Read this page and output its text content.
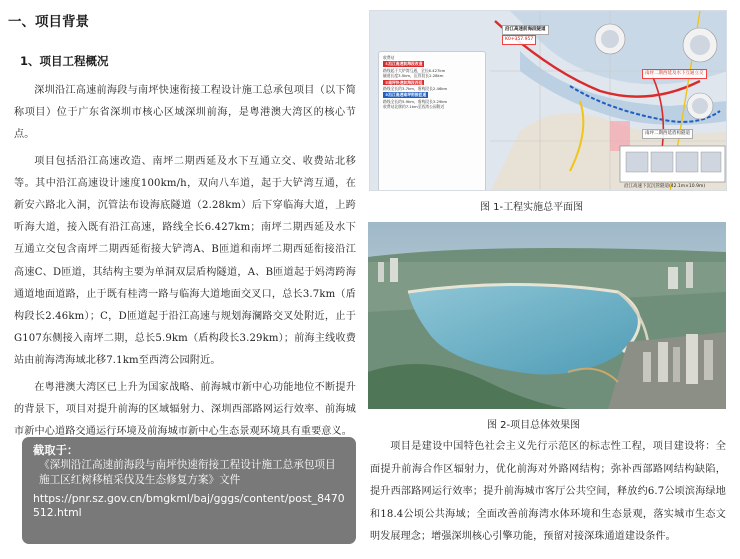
一、项目背景
1、项目工程概况

深圳沿江高速前海段与南坪快速衔接工程设计施工总承包项目（以下简称项目）位于广东省深圳市核心区域深圳前海，是粤港澳大湾区的核心节点。

项目包括沿江高速改造、南坪二期西延及水下互通立交、收费站北移等。其中沿江高速设计速度100km/h，双向八车道，起于大铲湾互通，在新安六路北入洞，沉管法布设海底隧道（2.28km）后下穿临海大道，上跨听海大道，接入既有沿江高速，路线全长6.427km；南坪二期西延及水下互通立交包含南坪二期西延衔接大铲湾A、B匝道和南坪二期西延衔接沿江高速C、D匝道，其结构主要为单洞双层盾构隧道，A、B匝道起于妈湾跨海通道地面道路，止于既有桂湾一路与临海大道地面交叉口，总长3.7km（盾构段长2.46km）；C，D匝道起于沿江高速与规划海澜路交叉处附近，止于G107东侧接入南坪二期，总长5.9km（盾构段长3.29km）；前海主线收费站由前海湾海域北移7.1km至西湾公园附近。

在粤港澳大湾区已上升为国家战略、前海城市新中心功能地位不断提升的背景下，项目对提升前海的区域辐射力、深圳西部路网运行效率、前海城市新中心道路交通运行环境及前海城市新中心生态景观环境具有重要意义。

收费站
①沿江高速前海段改造
路线起于大铲湾互通，全长6.427km
隧道长度3.5km，沉管段长2.28km
②南坪快速前海段西延
路线全长约3.7km，盾构段长2.46km
③沿江高速南坪衔接匝道
路线全长约5.9km，盾构段长3.29km
收费站北移约7.1km至西湾公园附近
沿江高速前海段隧道
K0+357.957
南坪二期西延及水下互通立交
南坪二期西延盾构隧道
沿江高速下沉沉管隧道(42.1m×10.9m)
图 1-工程实施总平面图
图 2-项目总体效果图

项目是建设中国特色社会主义先行示范区的标志性工程，项目建设将：全面提升前海合作区辐射力，优化前海对外路网结构；弥补西部路网结构缺陷，提升西部路网运行效率；提升前海城市客厅公共空间，释放约6.7公顷滨海绿地和18.4公顷公共海域；全面改善前海湾水体环境和生态景观，落实城市生态文明发展理念；增强深圳核心引擎功能，预留对接深珠通道建设条件。

截取于：
《深圳沿江高速前海段与南坪快速衔接工程设计施工总承包项目施工区红树移植采伐及生态修复方案》文件
https://pnr.sz.gov.cn/bmgkml/baj/gggs/content/post_8470512.html
